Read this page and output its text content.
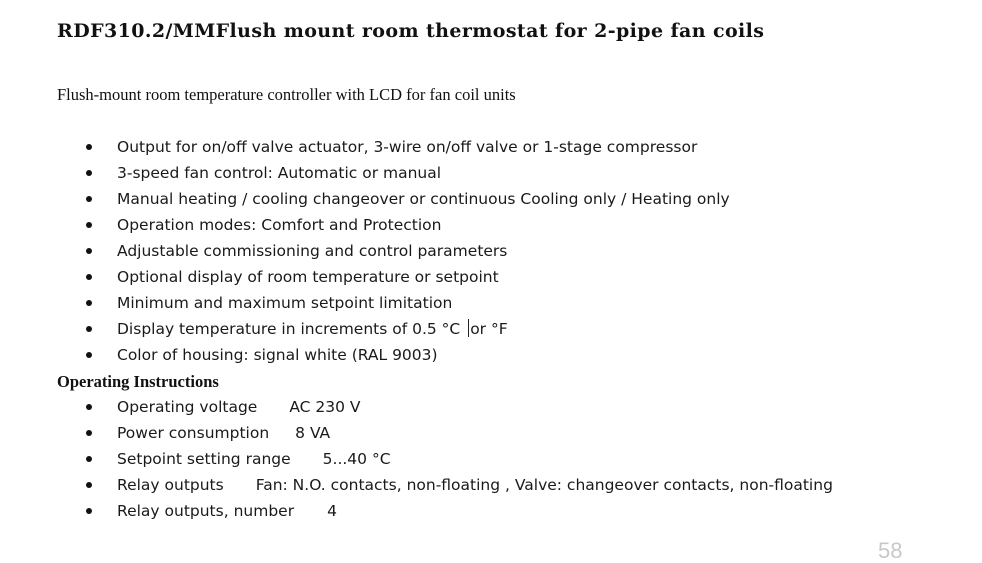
RDF310.2/MMFlush mount room thermostat for 2-pipe fan coils

Flush-mount room temperature controller with LCD for fan coil units

Output for on/off valve actuator, 3-wire on/off valve or 1-stage compressor
3-speed fan control: Automatic or manual
Manual heating / cooling changeover or continuous Cooling only / Heating only
Operation modes: Comfort and Protection
Adjustable commissioning and control parameters
Optional display of room temperature or setpoint
Minimum and maximum setpoint limitation
Display temperature in increments of 0.5 °C or °F
Color of housing: signal white (RAL 9003)
Operating Instructions
Operating voltage AC 230 V
Power consumption 8 VA
Setpoint setting range 5...40 °C
Relay outputs Fan: N.O. contacts, non-floating , Valve: changeover contacts, non-floating
Relay outputs, number 4
58
